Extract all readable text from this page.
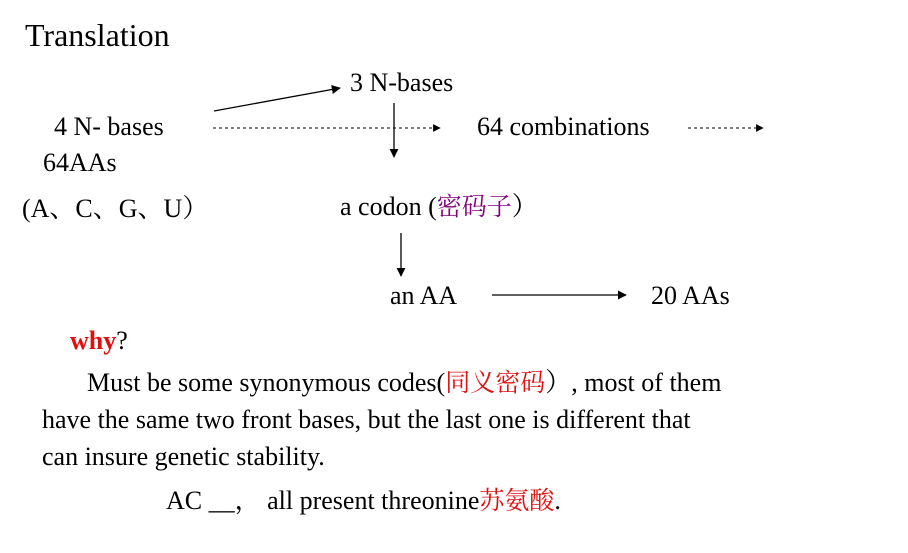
Translation
3 N-bases
4 N- bases	64 combinations
64AAs
(A、C、G、U）	a codon (密码子）
an AA	20 AAs
why?
Must be some synonymous codes(同义密码）, most of them
have the same two front bases, but the last one is different that
can insure genetic stability.
AC __， all present threonine苏氨酸.
